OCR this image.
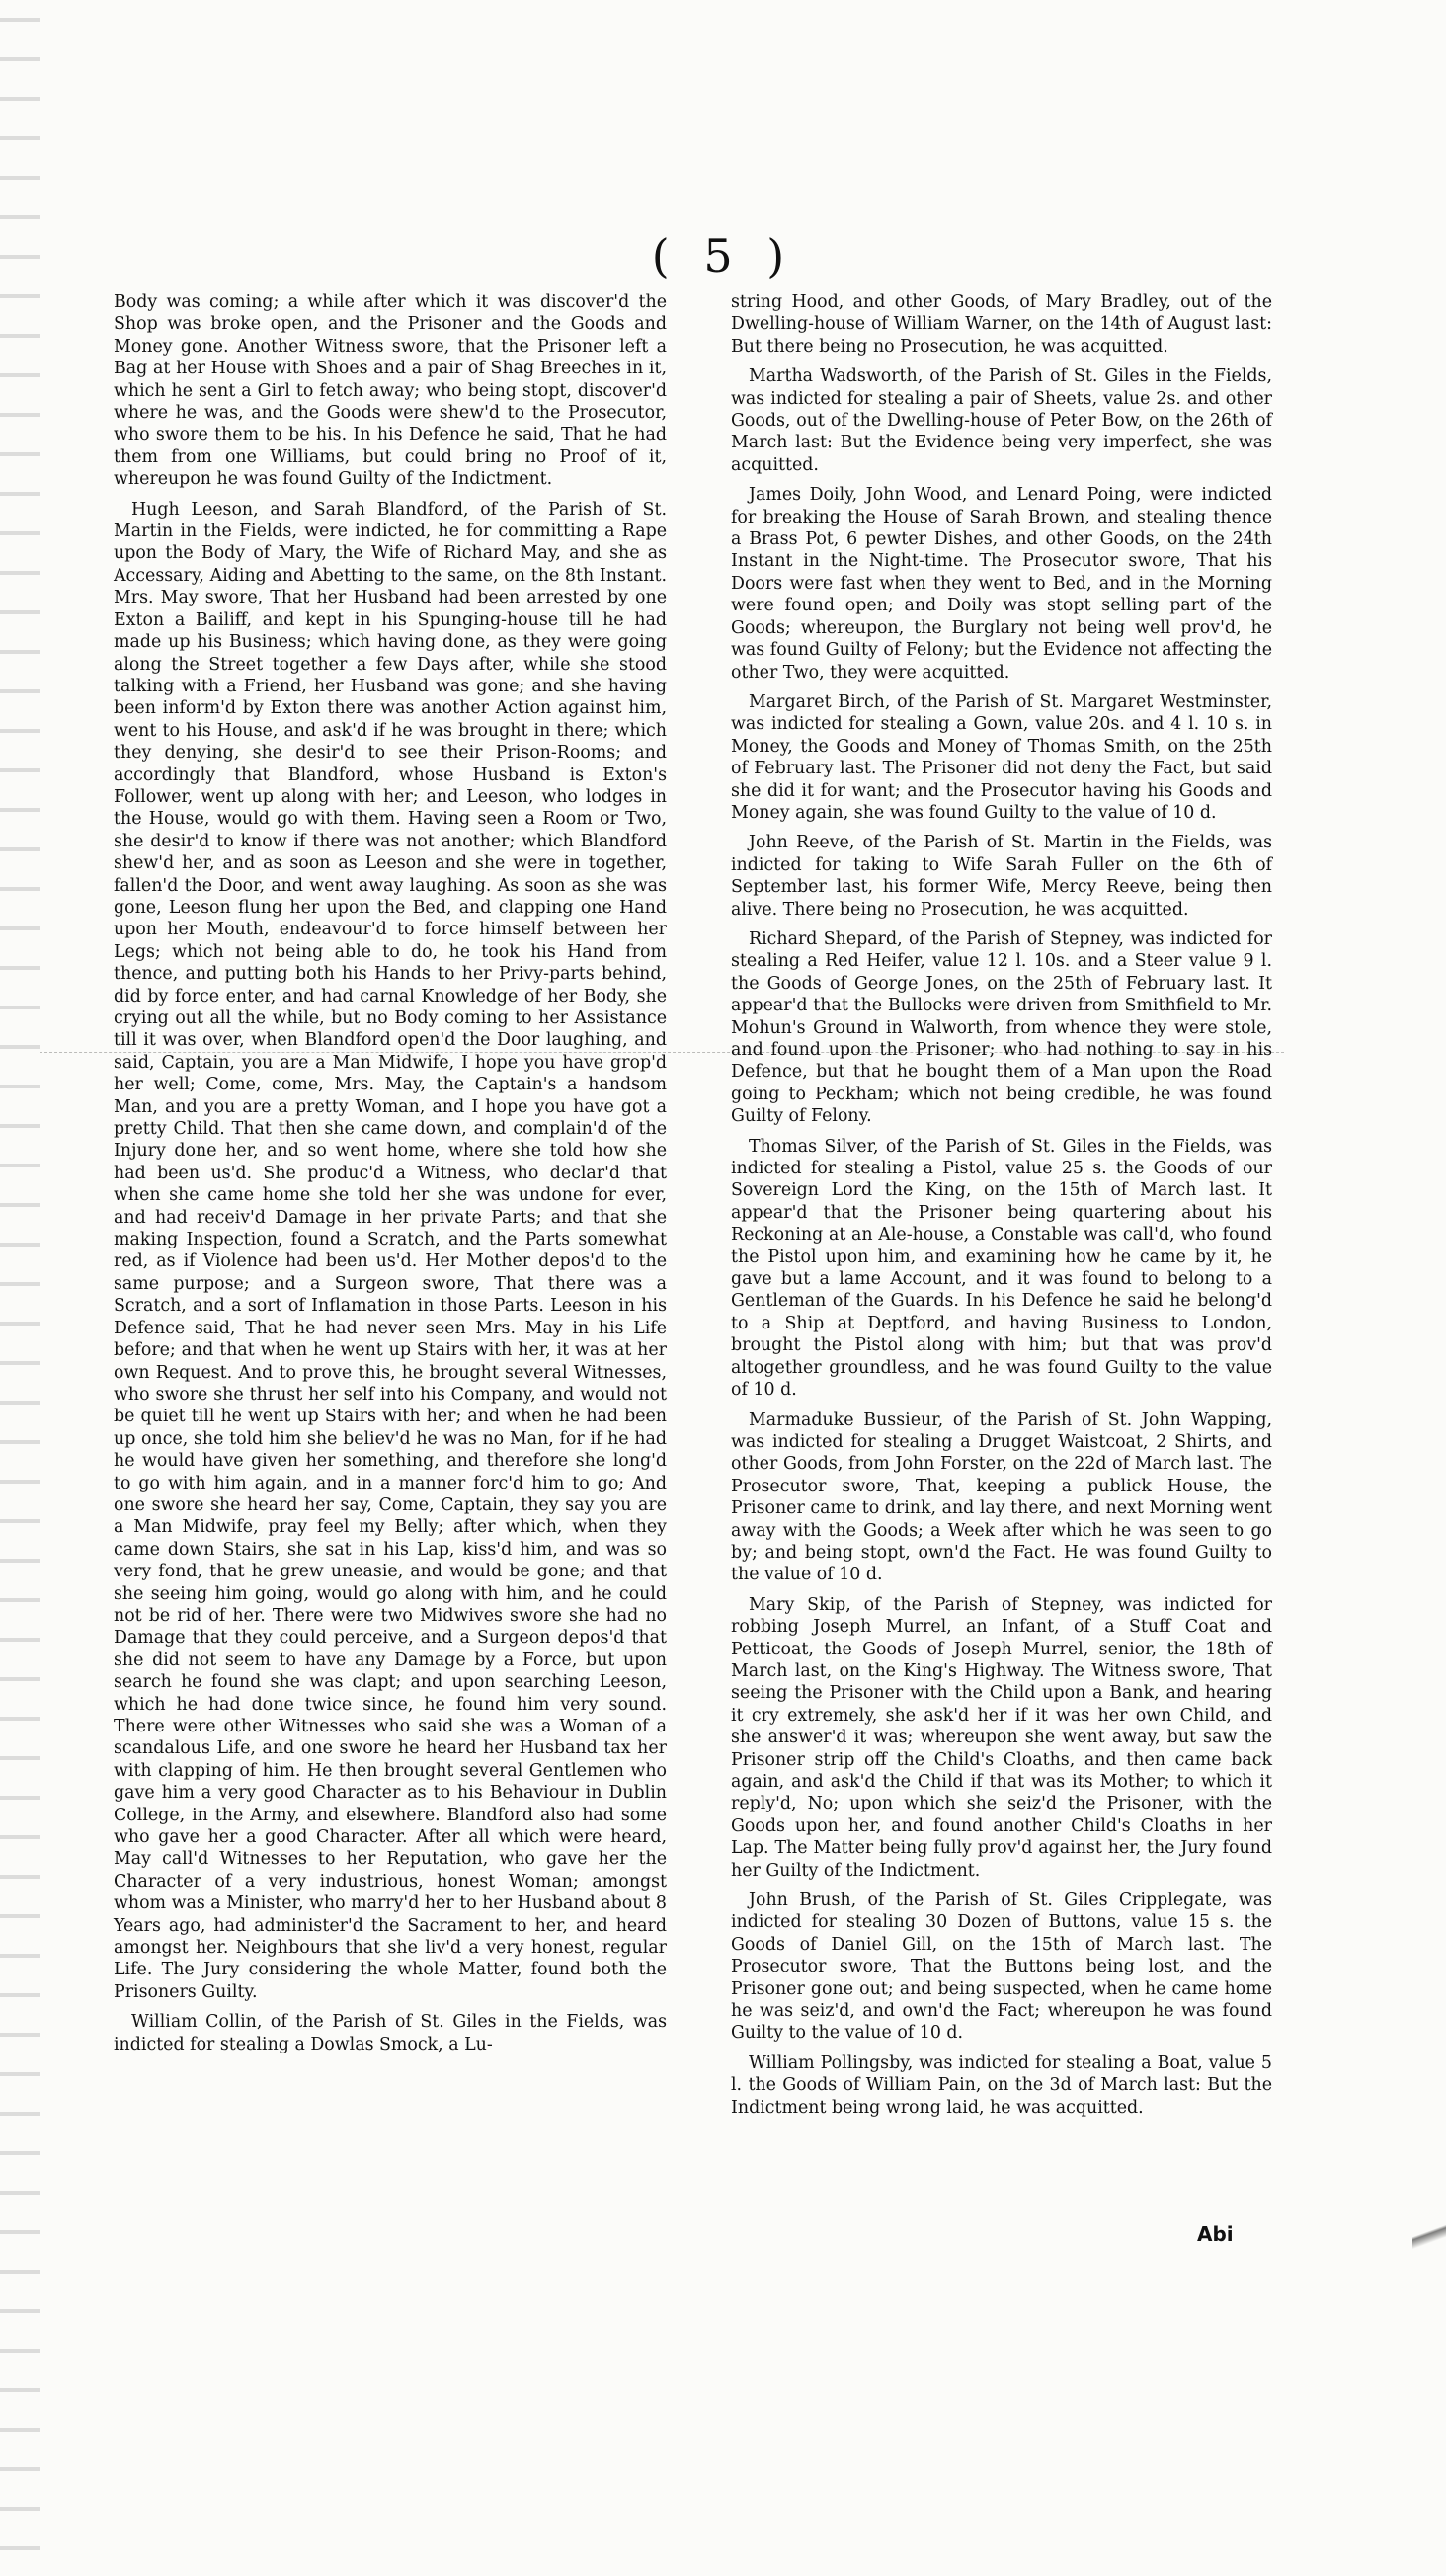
( 5 )

Body was coming; a while after which it was discover'd the Shop was broke open, and the Prisoner and the Goods and Money gone. Another Witness swore, that the Prisoner left a Bag at her House with Shoes and a pair of Shag Breeches in it, which he sent a Girl to fetch away; who being stopt, discover'd where he was, and the Goods were shew'd to the Prosecutor, who swore them to be his. In his Defence he said, That he had them from one Williams, but could bring no Proof of it, whereupon he was found Guilty of the Indictment.

Hugh Leeson, and Sarah Blandford, of the Parish of St. Martin in the Fields, were indicted, he for committing a Rape upon the Body of Mary, the Wife of Richard May, and she as Accessary, Aiding and Abetting to the same, on the 8th Instant. Mrs. May swore, That her Husband had been arrested by one Exton a Bailiff, and kept in his Spunging-house till he had made up his Business; which having done, as they were going along the Street together a few Days after, while she stood talking with a Friend, her Husband was gone; and she having been inform'd by Exton there was another Action against him, went to his House, and ask'd if he was brought in there; which they denying, she desir'd to see their Prison-Rooms; and accordingly that Blandford, whose Husband is Exton's Follower, went up along with her; and Leeson, who lodges in the House, would go with them. Having seen a Room or Two, she desir'd to know if there was not another; which Blandford shew'd her, and as soon as Leeson and she were in together, fallen'd the Door, and went away laughing. As soon as she was gone, Leeson flung her upon the Bed, and clapping one Hand upon her Mouth, endeavour'd to force himself between her Legs; which not being able to do, he took his Hand from thence, and putting both his Hands to her Privy-parts behind, did by force enter, and had carnal Knowledge of her Body, she crying out all the while, but no Body coming to her Assistance till it was over, when Blandford open'd the Door laughing, and said, Captain, you are a Man Midwife, I hope you have grop'd her well; Come, come, Mrs. May, the Captain's a handsom Man, and you are a pretty Woman, and I hope you have got a pretty Child. That then she came down, and complain'd of the Injury done her, and so went home, where she told how she had been us'd. She produc'd a Witness, who declar'd that when she came home she told her she was undone for ever, and had receiv'd Damage in her private Parts; and that she making Inspection, found a Scratch, and the Parts somewhat red, as if Violence had been us'd. Her Mother depos'd to the same purpose; and a Surgeon swore, That there was a Scratch, and a sort of Inflamation in those Parts. Leeson in his Defence said, That he had never seen Mrs. May in his Life before; and that when he went up Stairs with her, it was at her own Request. And to prove this, he brought several Witnesses, who swore she thrust her self into his Company, and would not be quiet till he went up Stairs with her; and when he had been up once, she told him she believ'd he was no Man, for if he had he would have given her something, and therefore she long'd to go with him again, and in a manner forc'd him to go; And one swore she heard her say, Come, Captain, they say you are a Man Midwife, pray feel my Belly; after which, when they came down Stairs, she sat in his Lap, kiss'd him, and was so very fond, that he grew uneasie, and would be gone; and that she seeing him going, would go along with him, and he could not be rid of her. There were two Midwives swore she had no Damage that they could perceive, and a Surgeon depos'd that she did not seem to have any Damage by a Force, but upon search he found she was clapt; and upon searching Leeson, which he had done twice since, he found him very sound. There were other Witnesses who said she was a Woman of a scandalous Life, and one swore he heard her Husband tax her with clapping of him. He then brought several Gentlemen who gave him a very good Character as to his Behaviour in Dublin College, in the Army, and elsewhere. Blandford also had some who gave her a good Character. After all which were heard, May call'd Witnesses to her Reputation, who gave her the Character of a very industrious, honest Woman; amongst whom was a Minister, who marry'd her to her Husband about 8 Years ago, had administer'd the Sacrament to her, and heard amongst her. Neighbours that she liv'd a very honest, regular Life. The Jury considering the whole Matter, found both the Prisoners Guilty.

William Collin, of the Parish of St. Giles in the Fields, was indicted for stealing a Dowlas Smock, a Lu-

string Hood, and other Goods, of Mary Bradley, out of the Dwelling-house of William Warner, on the 14th of August last: But there being no Prosecution, he was acquitted.

Martha Wadsworth, of the Parish of St. Giles in the Fields, was indicted for stealing a pair of Sheets, value 2s. and other Goods, out of the Dwelling-house of Peter Bow, on the 26th of March last: But the Evidence being very imperfect, she was acquitted.

James Doily, John Wood, and Lenard Poing, were indicted for breaking the House of Sarah Brown, and stealing thence a Brass Pot, 6 pewter Dishes, and other Goods, on the 24th Instant in the Night-time. The Prosecutor swore, That his Doors were fast when they went to Bed, and in the Morning were found open; and Doily was stopt selling part of the Goods; whereupon, the Burglary not being well prov'd, he was found Guilty of Felony; but the Evidence not affecting the other Two, they were acquitted.

Margaret Birch, of the Parish of St. Margaret Westminster, was indicted for stealing a Gown, value 20s. and 4 l. 10 s. in Money, the Goods and Money of Thomas Smith, on the 25th of February last. The Prisoner did not deny the Fact, but said she did it for want; and the Prosecutor having his Goods and Money again, she was found Guilty to the value of 10 d.

John Reeve, of the Parish of St. Martin in the Fields, was indicted for taking to Wife Sarah Fuller on the 6th of September last, his former Wife, Mercy Reeve, being then alive. There being no Prosecution, he was acquitted.

Richard Shepard, of the Parish of Stepney, was indicted for stealing a Red Heifer, value 12 l. 10s. and a Steer value 9 l. the Goods of George Jones, on the 25th of February last. It appear'd that the Bullocks were driven from Smithfield to Mr. Mohun's Ground in Walworth, from whence they were stole, and found upon the Prisoner; who had nothing to say in his Defence, but that he bought them of a Man upon the Road going to Peckham; which not being credible, he was found Guilty of Felony.

Thomas Silver, of the Parish of St. Giles in the Fields, was indicted for stealing a Pistol, value 25 s. the Goods of our Sovereign Lord the King, on the 15th of March last. It appear'd that the Prisoner being quartering about his Reckoning at an Ale-house, a Constable was call'd, who found the Pistol upon him, and examining how he came by it, he gave but a lame Account, and it was found to belong to a Gentleman of the Guards. In his Defence he said he belong'd to a Ship at Deptford, and having Business to London, brought the Pistol along with him; but that was prov'd altogether groundless, and he was found Guilty to the value of 10 d.

Marmaduke Bussieur, of the Parish of St. John Wapping, was indicted for stealing a Drugget Waistcoat, 2 Shirts, and other Goods, from John Forster, on the 22d of March last. The Prosecutor swore, That, keeping a publick House, the Prisoner came to drink, and lay there, and next Morning went away with the Goods; a Week after which he was seen to go by; and being stopt, own'd the Fact. He was found Guilty to the value of 10 d.

Mary Skip, of the Parish of Stepney, was indicted for robbing Joseph Murrel, an Infant, of a Stuff Coat and Petticoat, the Goods of Joseph Murrel, senior, the 18th of March last, on the King's Highway. The Witness swore, That seeing the Prisoner with the Child upon a Bank, and hearing it cry extremely, she ask'd her if it was her own Child, and she answer'd it was; whereupon she went away, but saw the Prisoner strip off the Child's Cloaths, and then came back again, and ask'd the Child if that was its Mother; to which it reply'd, No; upon which she seiz'd the Prisoner, with the Goods upon her, and found another Child's Cloaths in her Lap. The Matter being fully prov'd against her, the Jury found her Guilty of the Indictment.

John Brush, of the Parish of St. Giles Cripplegate, was indicted for stealing 30 Dozen of Buttons, value 15 s. the Goods of Daniel Gill, on the 15th of March last. The Prosecutor swore, That the Buttons being lost, and the Prisoner gone out; and being suspected, when he came home he was seiz'd, and own'd the Fact; whereupon he was found Guilty to the value of 10 d.

William Pollingsby, was indicted for stealing a Boat, value 5 l. the Goods of William Pain, on the 3d of March last: But the Indictment being wrong laid, he was acquitted.

Abi
